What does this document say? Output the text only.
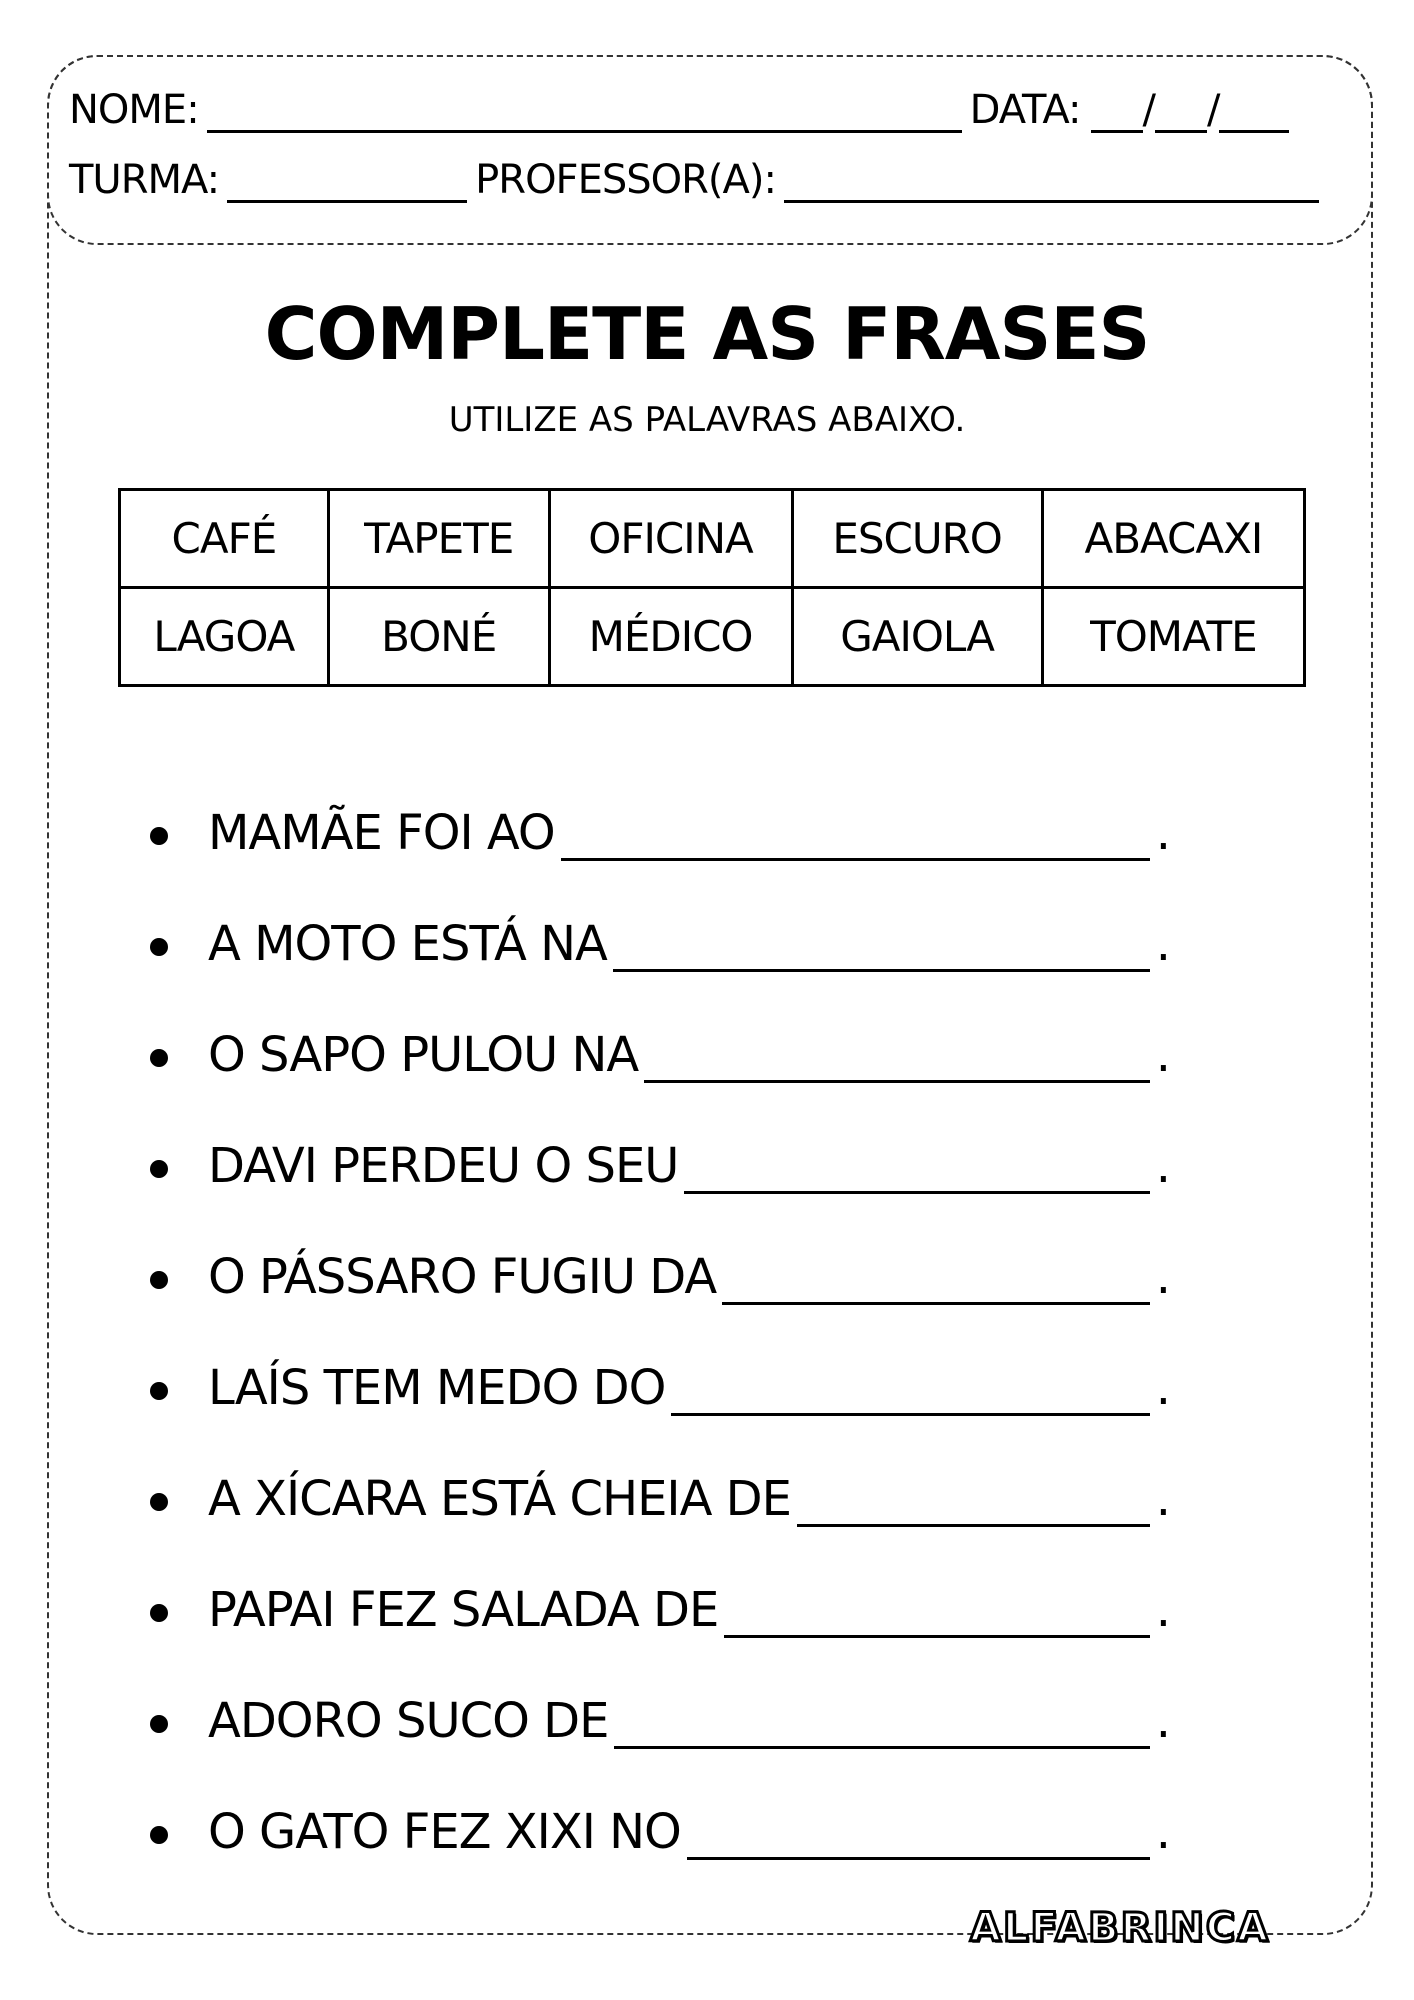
NOME:	DATA: / /
TURMA:	PROFESSOR(A):
COMPLETE AS FRASES

UTILIZE AS PALAVRAS ABAIXO.

CAFÉ	TAPETE	OFICINA	ESCURO	ABACAXI
LAGOA	BONÉ	MÉDICO	GAIOLA	TOMATE
MAMÃE FOI AO	.
A MOTO ESTÁ NA	.
O SAPO PULOU NA	.
DAVI PERDEU O SEU	.
O PÁSSARO FUGIU DA	.
LAÍS TEM MEDO DO	.
A XÍCARA ESTÁ CHEIA DE	.
PAPAI FEZ SALADA DE	.
ADORO SUCO DE	.
O GATO FEZ XIXI NO	.
ALFABRINCA
